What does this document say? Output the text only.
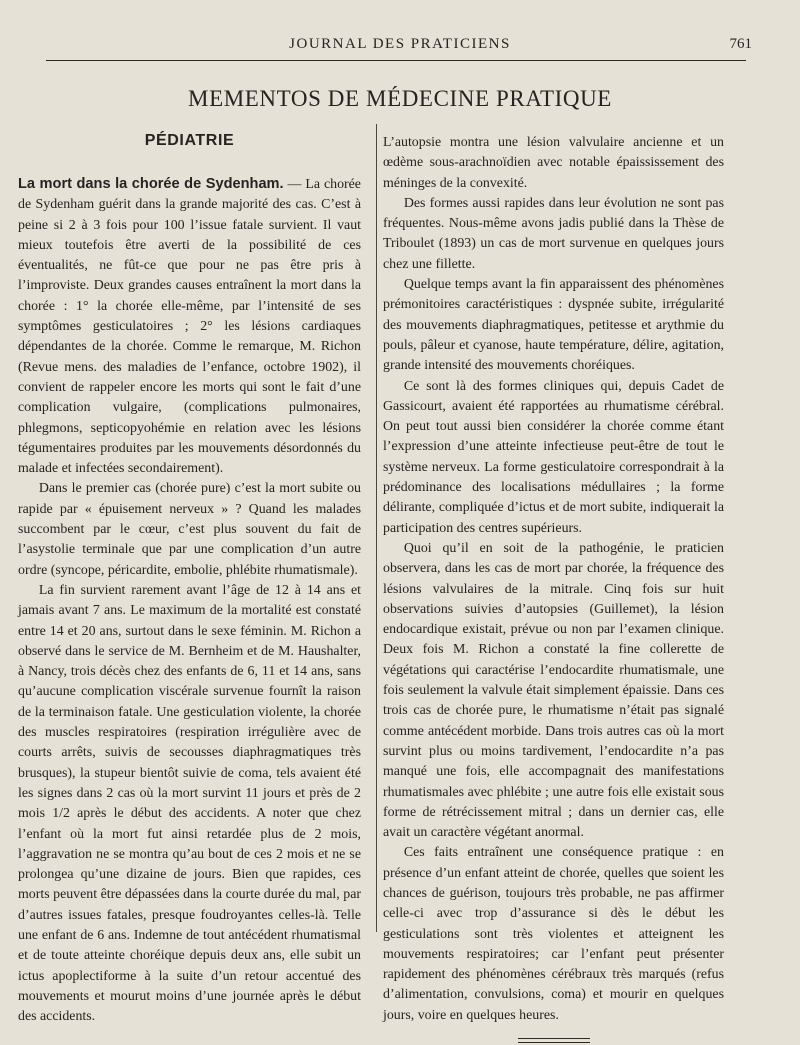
JOURNAL DES PRATICIENS	761
MEMENTOS DE MÉDECINE PRATIQUE
PÉDIATRIE

La mort dans la chorée de Sydenham. — La chorée de Sydenham guérit dans la grande majorité des cas. C’est à peine si 2 à 3 fois pour 100 l’issue fatale survient. Il vaut mieux toutefois être averti de la possibilité de ces éventualités, ne fût-ce que pour ne pas être pris à l’improviste. Deux grandes causes entraînent la mort dans la chorée : 1° la chorée elle-même, par l’intensité de ses symptômes gesticulatoires ; 2° les lésions cardiaques dépendantes de la chorée. Comme le remarque, M. Richon (Revue mens. des maladies de l’enfance, octobre 1902), il convient de rappeler encore les morts qui sont le fait d’une complication vulgaire, (complications pulmonaires, phlegmons, septicopyohémie en relation avec les lésions tégumentaires produites par les mouvements désordonnés du malade et infectées secondairement).

Dans le premier cas (chorée pure) c’est la mort subite ou rapide par « épuisement nerveux » ? Quand les malades succombent par le cœur, c’est plus souvent du fait de l’asystolie terminale que par une complication d’un autre ordre (syncope, péricardite, embolie, phlébite rhumatismale).

La fin survient rarement avant l’âge de 12 à 14 ans et jamais avant 7 ans. Le maximum de la mortalité est constaté entre 14 et 20 ans, surtout dans le sexe féminin. M. Richon a observé dans le service de M. Bernheim et de M. Haushalter, à Nancy, trois décès chez des enfants de 6, 11 et 14 ans, sans qu’aucune complication viscérale survenue fournît la raison de la terminaison fatale. Une gesticulation violente, la chorée des muscles respiratoires (respiration irrégulière avec de courts arrêts, suivis de secousses diaphragmatiques très brusques), la stupeur bientôt suivie de coma, tels avaient été les signes dans 2 cas où la mort survint 11 jours et près de 2 mois 1/2 après le début des accidents. A noter que chez l’enfant où la mort fut ainsi retardée plus de 2 mois, l’aggravation ne se montra qu’au bout de ces 2 mois et ne se prolongea qu’une dizaine de jours. Bien que rapides, ces morts peuvent être dépassées dans la courte durée du mal, par d’autres issues fatales, presque foudroyantes celles-là. Telle une enfant de 6 ans. Indemne de tout antécédent rhumatismal et de toute atteinte choréique depuis deux ans, elle subit un ictus apoplectiforme à la suite d’un retour accentué des mouvements et mourut moins d’une journée après le début des accidents.

L’autopsie montra une lésion valvulaire ancienne et un œdème sous-arachnoïdien avec notable épaississement des méninges de la convexité.

Des formes aussi rapides dans leur évolution ne sont pas fréquentes. Nous-même avons jadis publié dans la Thèse de Triboulet (1893) un cas de mort survenue en quelques jours chez une fillette.

Quelque temps avant la fin apparaissent des phénomènes prémonitoires caractéristiques : dyspnée subite, irrégularité des mouvements diaphragmatiques, petitesse et arythmie du pouls, pâleur et cyanose, haute température, délire, agitation, grande intensité des mouvements choréiques.

Ce sont là des formes cliniques qui, depuis Cadet de Gassicourt, avaient été rapportées au rhumatisme cérébral. On peut tout aussi bien considérer la chorée comme étant l’expression d’une atteinte infectieuse peut-être de tout le système nerveux. La forme gesticulatoire correspondrait à la prédominance des localisations médullaires ; la forme délirante, compliquée d’ictus et de mort subite, indiquerait la participation des centres supérieurs.

Quoi qu’il en soit de la pathogénie, le praticien observera, dans les cas de mort par chorée, la fréquence des lésions valvulaires de la mitrale. Cinq fois sur huit observations suivies d’autopsies (Guillemet), la lésion endocardique existait, prévue ou non par l’examen clinique. Deux fois M. Richon a constaté la fine collerette de végétations qui caractérise l’endocardite rhumatismale, une fois seulement la valvule était simplement épaissie. Dans ces trois cas de chorée pure, le rhumatisme n’était pas signalé comme antécédent morbide. Dans trois autres cas où la mort survint plus ou moins tardivement, l’endocardite n’a pas manqué une fois, elle accompagnait des manifestations rhumatismales avec phlébite ; une autre fois elle existait sous forme de rétrécissement mitral ; dans un dernier cas, elle avait un caractère végétant anormal.

Ces faits entraînent une conséquence pratique : en présence d’un enfant atteint de chorée, quelles que soient les chances de guérison, toujours très probable, ne pas affirmer celle-ci avec trop d’assurance si dès le début les gesticulations sont très violentes et atteignent les mouvements respiratoires; car l’enfant peut présenter rapidement des phénomènes cérébraux très marqués (refus d’alimentation, convulsions, coma) et mourir en quelques jours, voire en quelques heures.
